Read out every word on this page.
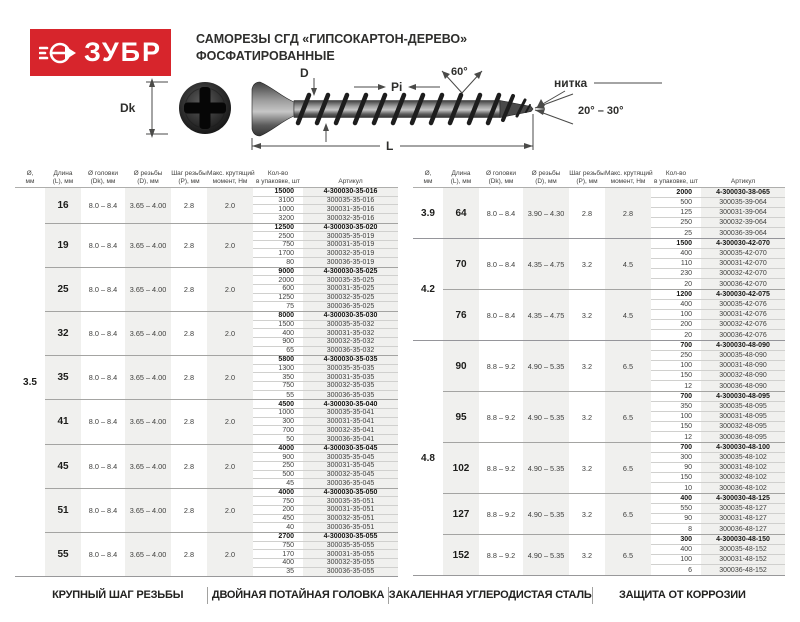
ЗУБР	САМОРЕЗЫ СГД «ГИПСОКАРТОН-ДЕРЕВО»
ФОСФАТИРОВАННЫЕ
Dk
D
Pi
60°
нитка
20° – 30°
L
Ø,
мм
Длина
(L), мм
Ø головки
(Dk), мм
Ø резьбы
(D), мм
Шаг резьбы
(P), мм
Макс. крутящий
момент, Нм
Кол-во
в упаковке, шт	Артикул
3.5
16	8.0 – 8.4	3.65 – 4.00	2.8	2.0
15000	4-300030-35-016
3100	300035-35-016
1000	300031-35-016
3200	300032-35-016
19	8.0 – 8.4	3.65 – 4.00	2.8	2.0
12500	4-300030-35-020
2500	300035-35-019
750	300031-35-019
1700	300032-35-019
80	300036-35-019
25	8.0 – 8.4	3.65 – 4.00	2.8	2.0
9000	4-300030-35-025
2000	300035-35-025
600	300031-35-025
1250	300032-35-025
75	300036-35-025
32	8.0 – 8.4	3.65 – 4.00	2.8	2.0
8000	4-300030-35-030
1500	300035-35-032
400	300031-35-032
900	300032-35-032
65	300036-35-032
35	8.0 – 8.4	3.65 – 4.00	2.8	2.0
5800	4-300030-35-035
1300	300035-35-035
350	300031-35-035
750	300032-35-035
55	300036-35-035
41	8.0 – 8.4	3.65 – 4.00	2.8	2.0
4500	4-300030-35-040
1000	300035-35-041
300	300031-35-041
700	300032-35-041
50	300036-35-041
45	8.0 – 8.4	3.65 – 4.00	2.8	2.0
4000	4-300030-35-045
900	300035-35-045
250	300031-35-045
500	300032-35-045
45	300036-35-045
51	8.0 – 8.4	3.65 – 4.00	2.8	2.0
4000	4-300030-35-050
750	300035-35-051
200	300031-35-051
450	300032-35-051
40	300036-35-051
55	8.0 – 8.4	3.65 – 4.00	2.8	2.0
2700	4-300030-35-055
750	300035-35-055
170	300031-35-055
400	300032-35-055
35	300036-35-055
Ø,
мм
Длина
(L), мм
Ø головки
(Dk), мм
Ø резьбы
(D), мм
Шаг резьбы
(P), мм
Макс. крутящий
момент, Нм
Кол-во
в упаковке, шт	Артикул
3.9	64	8.0 – 8.4	3.90 – 4.30	2.8	2.8
2000	4-300030-38-065
500	300035-39-064
125	300031-39-064
250	300032-39-064
25	300036-39-064
4.2
70	8.0 – 8.4	4.35 – 4.75	3.2	4.5
1500	4-300030-42-070
400	300035-42-070
110	300031-42-070
230	300032-42-070
20	300036-42-070
76	8.0 – 8.4	4.35 – 4.75	3.2	4.5
1200	4-300030-42-075
400	300035-42-076
100	300031-42-076
200	300032-42-076
20	300036-42-076
4.8
90	8.8 – 9.2	4.90 – 5.35	3.2	6.5
700	4-300030-48-090
250	300035-48-090
100	300031-48-090
150	300032-48-090
12	300036-48-090
95	8.8 – 9.2	4.90 – 5.35	3.2	6.5
700	4-300030-48-095
350	300035-48-095
100	300031-48-095
150	300032-48-095
12	300036-48-095
102	8.8 – 9.2	4.90 – 5.35	3.2	6.5
700	4-300030-48-100
300	300035-48-102
90	300031-48-102
150	300032-48-102
10	300036-48-102
127	8.8 – 9.2	4.90 – 5.35	3.2	6.5
400	4-300030-48-125
550	300035-48-127
90	300031-48-127
8	300036-48-127
152	8.8 – 9.2	4.90 – 5.35	3.2	6.5
300	4-300030-48-150
400	300035-48-152
100	300031-48-152
6	300036-48-152
КРУПНЫЙ ШАГ РЕЗЬБЫ	ДВОЙНАЯ ПОТАЙНАЯ ГОЛОВКА ЗАКАЛЕННАЯ УГЛЕРОДИСТАЯ СТАЛЬ	ЗАЩИТА ОТ КОРРОЗИИ
